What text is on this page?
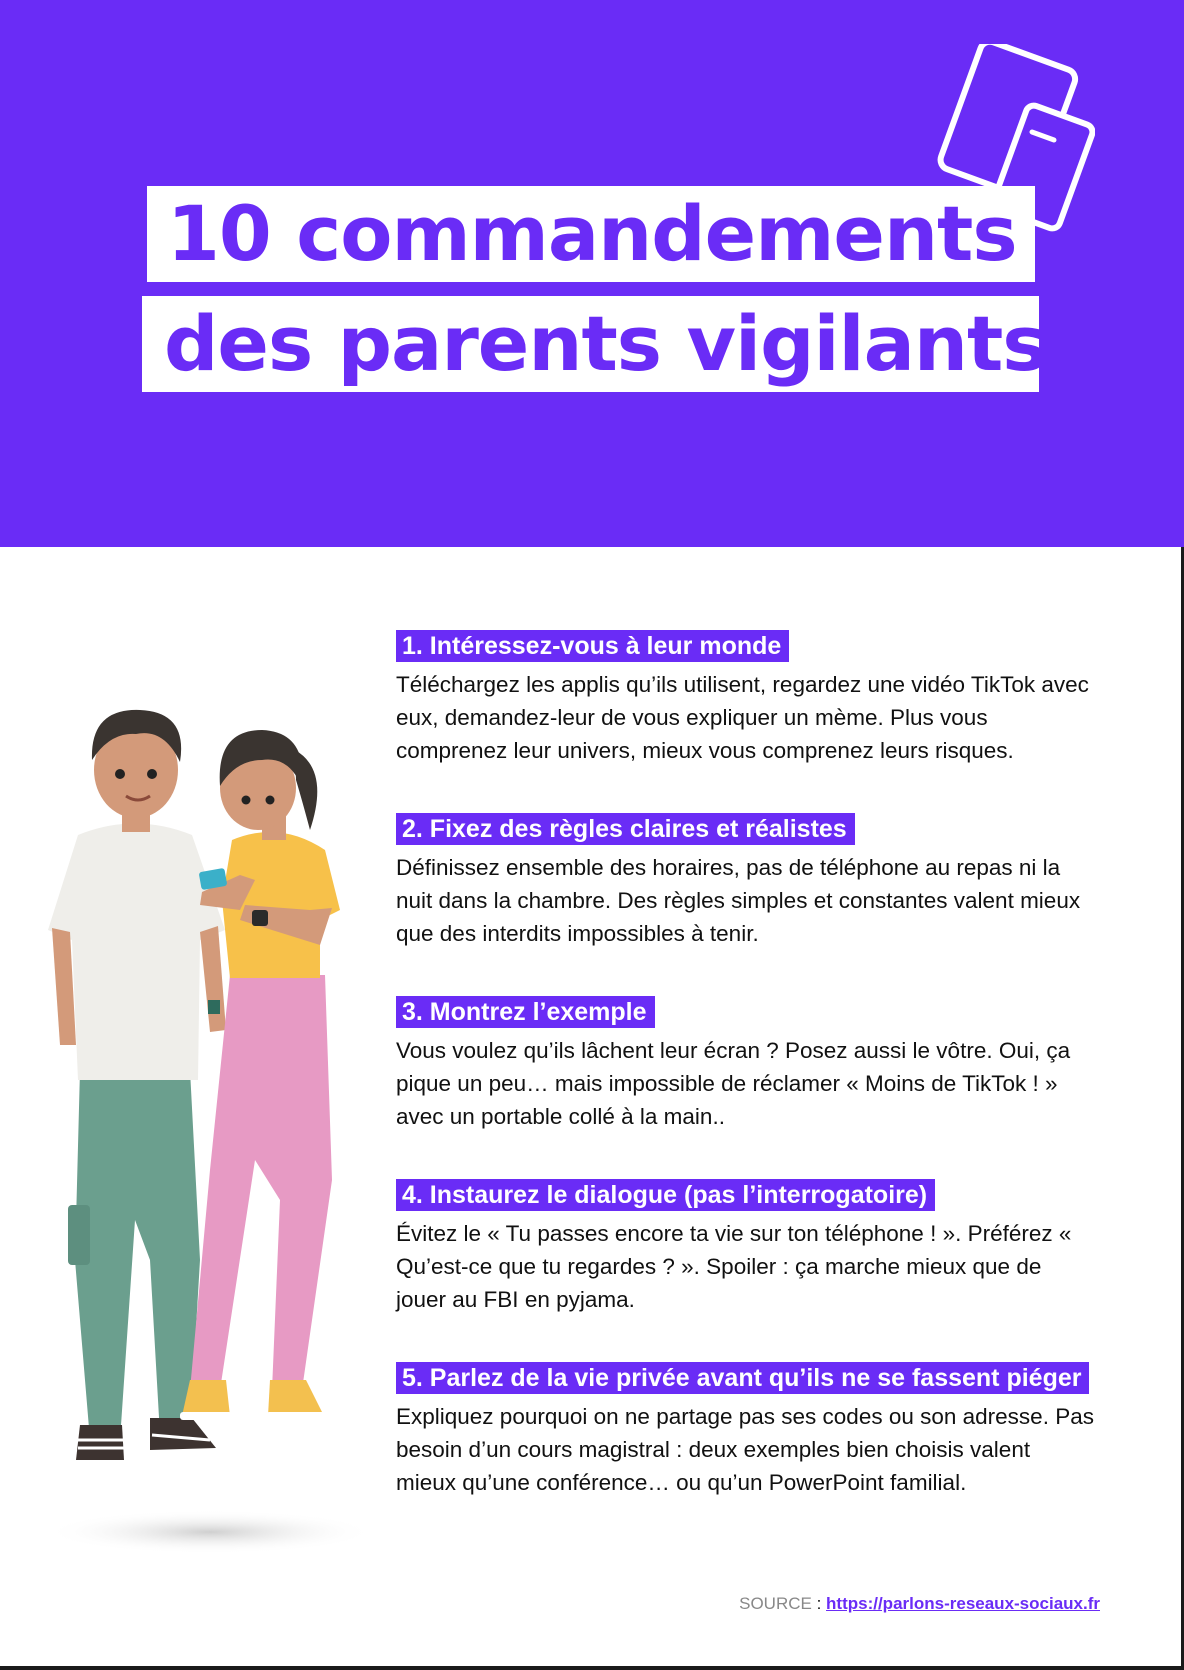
10 commandements
des parents vigilants
1. Intéressez-vous à leur monde

Téléchargez les applis qu’ils utilisent, regardez une vidéo TikTok avec eux, demandez-leur de vous expliquer un mème. Plus vous comprenez leur univers, mieux vous comprenez leurs risques.

2. Fixez des règles claires et réalistes

Définissez ensemble des horaires, pas de téléphone au repas ni la nuit dans la chambre. Des règles simples et constantes valent mieux que des interdits impossibles à tenir.

3. Montrez l’exemple

Vous voulez qu’ils lâchent leur écran ? Posez aussi le vôtre. Oui, ça pique un peu… mais impossible de réclamer « Moins de TikTok ! » avec un portable collé à la main..

4. Instaurez le dialogue (pas l’interrogatoire)

Évitez le « Tu passes encore ta vie sur ton téléphone ! ». Préférez « Qu’est-ce que tu regardes ? ». Spoiler : ça marche mieux que de jouer au FBI en pyjama.

5. Parlez de la vie privée avant qu’ils ne se fassent piéger

Expliquez pourquoi on ne partage pas ses codes ou son adresse. Pas besoin d’un cours magistral : deux exemples bien choisis valent mieux qu’une conférence… ou qu’un PowerPoint familial.

SOURCE : https://parlons-reseaux-sociaux.fr
